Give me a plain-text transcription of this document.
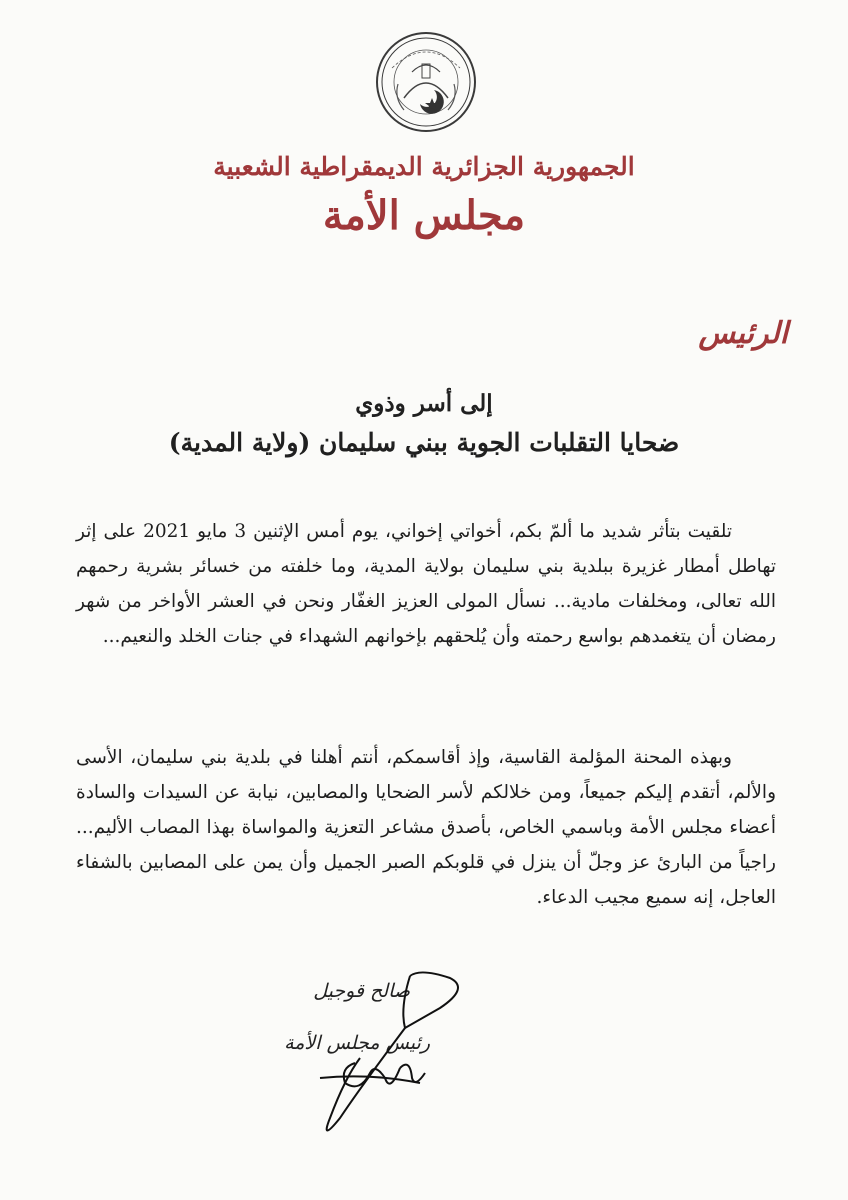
الجمهورية الجزائرية الديمقراطية الشعبية
مجلس الأمة
الرئيس
إلى أسر وذوي
ضحايا التقلبات الجوية ببني سليمان (ولاية المدية)
تلقيت بتأثر شديد ما ألمّ بكم، أخواتي إخواني، يوم أمس الإثنين 3 مايو 2021 على إثر تهاطل أمطار غزيرة ببلدية بني سليمان بولاية المدية، وما خلفته من خسائر بشرية رحمهم الله تعالى، ومخلفات مادية... نسأل المولى العزيز الغفّار ونحن في العشر الأواخر من شهر رمضان أن يتغمدهم بواسع رحمته وأن يُلحقهم بإخوانهم الشهداء في جنات الخلد والنعيم...
وبهذه المحنة المؤلمة القاسية، وإذ أقاسمكم، أنتم أهلنا في بلدية بني سليمان، الأسى والألم، أتقدم إليكم جميعاً، ومن خلالكم لأسر الضحايا والمصابين، نيابة عن السيدات والسادة أعضاء مجلس الأمة وباسمي الخاص، بأصدق مشاعر التعزية والمواساة بهذا المصاب الأليم... راجياً من البارئ عز وجلّ أن ينزل في قلوبكم الصبر الجميل وأن يمن على المصابين بالشفاء العاجل، إنه سميع مجيب الدعاء.
صالح قوجيل
رئيس مجلس الأمة
